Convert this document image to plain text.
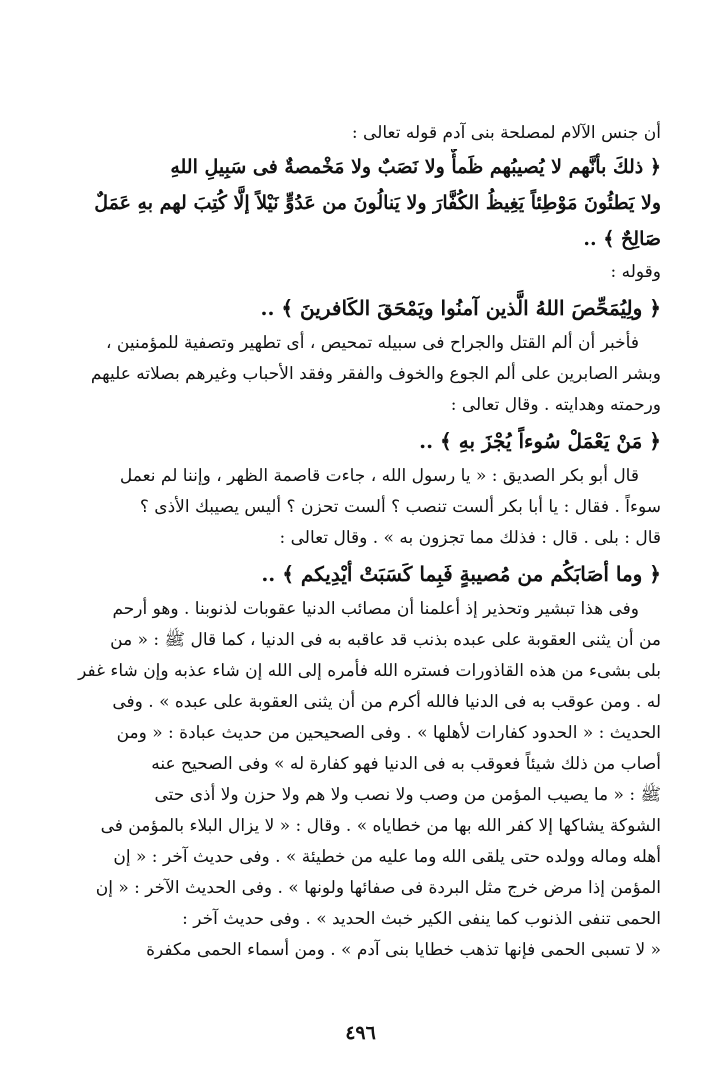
أن جنس الآلام لمصلحة بنى آدم قوله تعالى :
﴿ ذلكَ بأنَّهم لا يُصيبُهم ظَمأٌ ولا نَصَبٌ ولا مَخْمصةٌ فى سَبِيلِ اللهِ
ولا يَطئُونَ مَوْطِئاً يَغِيظُ الكُفَّارَ ولا يَنالُونَ من عَدُوٍّ نَيْلاً إلَّا كُتِبَ لهم بهِ عَمَلٌ
صَالِحٌ ﴾ ..
وقوله :
﴿ ولِيُمَحِّصَ اللهُ الَّذين آمنُوا ويَمْحَقَ الكَافرينَ ﴾ ..
فأخبر أن ألم القتل والجراح فى سبيله تمحيص ، أى تطهير وتصفية للمؤمنين ،
وبشر الصابرين على ألم الجوع والخوف والفقر وفقد الأحباب وغيرهم بصلاته عليهم
ورحمته وهدايته . وقال تعالى :
﴿ مَنْ يَعْمَلْ سُوءاً يُجْزَ بهِ ﴾ ..
قال أبو بكر الصديق : « يا رسول الله ، جاءت قاصمة الظهر ، وإننا لم نعمل
سوءاً . فقال : يا أبا بكر ألست تنصب ؟ ألست تحزن ؟ أليس يصيبك الأذى ؟
قال : بلى . قال : فذلك مما تجزون به » . وقال تعالى :
﴿ وما أصَابَكُم من مُصيبةٍ فَبِما كَسَبَتْ أيْدِيكم ﴾ ..
وفى هذا تبشير وتحذير إذ أعلمنا أن مصائب الدنيا عقوبات لذنوبنا . وهو أرحم
من أن يثنى العقوبة على عبده بذنب قد عاقبه به فى الدنيا ، كما قال ﷺ : « من
بلى بشىء من هذه القاذورات فستره الله فأمره إلى الله إن شاء عذبه وإن شاء غفر
له . ومن عوقب به فى الدنيا فالله أكرم من أن يثنى العقوبة على عبده » . وفى
الحديث : « الحدود كفارات لأهلها » . وفى الصحيحين من حديث عبادة : « ومن
أصاب من ذلك شيئاً فعوقب به فى الدنيا فهو كفارة له » وفى الصحيح عنه
ﷺ : « ما يصيب المؤمن من وصب ولا نصب ولا هم ولا حزن ولا أذى حتى
الشوكة يشاكها إلا كفر الله بها من خطاياه » . وقال : « لا يزال البلاء بالمؤمن فى
أهله وماله وولده حتى يلقى الله وما عليه من خطيئة » . وفى حديث آخر : « إن
المؤمن إذا مرض خرج مثل البردة فى صفائها ولونها » . وفى الحديث الآخر : « إن
الحمى تنفى الذنوب كما ينفى الكير خبث الحديد » . وفى حديث آخر :
« لا تسبى الحمى فإنها تذهب خطايا بنى آدم » . ومن أسماء الحمى مكفرة
٤٩٦
